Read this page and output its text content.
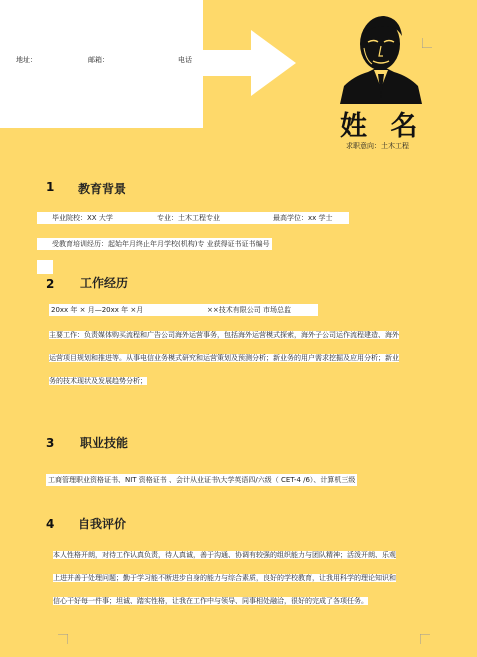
地址：	邮箱：	电话
姓 名
求职意向：土木工程
1 教育背景
毕业院校：XX 大学	专业：土木工程专业	最高学位：xx 学士

受教育培训经历：起始年月终止年月学校(机构)专 业获得证书证书编号
2 工作经历
20xx 年 × 月—20xx 年 ×月	××技术有限公司 市场总监

主要工作：负责媒体购买流程和广告公司海外运营事务，包括海外运营模式探索，海外子公司运作流程建造、海外
运营项目规划和推进等。从事电信业务模式研究和运营策划及预测分析；新业务的用户需求挖掘及应用分析；新业
务的技术现状及发展趋势分析；
3 职业技能
工商管理职业资格证书、NIT 资格证书 、会计从业证书\大学英语四/六级（ CET-4 /6）、计算机三级
4 自我评价
本人性格开朗，对待工作认真负责，待人真诚，善于沟通、协调有较强的组织能力与团队精神；活泼开朗、乐观
上进并善于处理问题；勤于学习能不断进步自身的能力与综合素质，良好的学校教育，让我用科学的理论知识和
信心干好每一件事；坦诚、踏实性格，让我在工作中与领导、同事相处融洽，很好的完成了各项任务。
